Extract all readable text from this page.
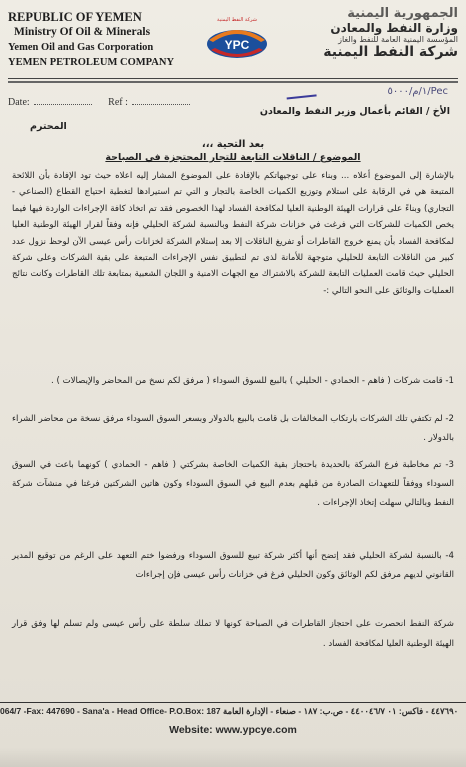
REPUBLIC OF YEMEN
Ministry Of Oil & Minerals
Yemen Oil and Gas Corporation
YEMEN PETROLEUM COMPANY
شركة النفط اليمنية
YPC
الجمهورية اليمنية
وزارة النفط والمعادن
المؤسسة اليمنية العامة للنفط والغاز
شركة النفط اليمنية
Pec/١/م/٥٠٠٠
Date:	Ref :
الأخ / القائم بأعمال وزير النفط والمعادن
المحترم
بعد التحية ،،،
الموضوع / الناقلات التابعة للتجار المحتجزة في الصباحة
بالإشارة إلى الموضوع أعلاه ... وبناء على توجيهاتكم بالإفادة على الموضوع المشار إليه اعلاه حيث تود الإفادة بأن اللائحة المتبعة هي في الرقابة على استلام وتوزيع الكميات الخاصة بالتجار و التي تم استيرادها لتغطية احتياج القطاع (الصناعي - التجاري) وبناءً على قرارات الهيئة الوطنية العليا لمكافحة الفساد لهذا الخصوص فقد تم اتخاذ كافة الإجراءات الواردة فيها فيما يخص الكميات للشركات التي فرغت في خزانات شركة النفط وبالنسبة لشركة الحليلي فإنه وفقاً لقرار الهيئة الوطنية العليا لمكافحة الفساد بأن يمنع خروج القاطرات أو تفريغ الناقلات إلا بعد إستلام الشركة لخزانات رأس عيسى الآن لوحظ نزول عدد كبير من الناقلات التابعة للحليلي متوجهة للأمانة لذى تم لتطبيق نفس الإجراءات المتبعة على بقية الشركات وعلى شركة الحليلي حيث قامت العمليات التابعة للشركة بالاشتراك مع الجهات الامنية و اللجان الشعبية بمتابعة تلك القاطرات وكانت نتائج العمليات والوثائق على النحو التالي :-
1- قامت شركات ( فاهم - الحمادي - الحليلي ) بالبيع للسوق السوداء ( مرفق لكم نسخ من المحاضر والإيصالات ) .
2- لم تكتفي تلك الشركات بارتكاب المخالفات بل قامت بالبيع بالدولار وبسعر السوق السوداء مرفق نسخة من محاضر الشراء بالدولار .
3- تم مخاطبة فرع الشركة بالحديدة باحتجاز بقية الكميات الخاصة بشركتي ( فاهم - الحمادي ) كونهما باعت في السوق السوداء ووفقاً للتعهدات الصادرة من قبلهم بعدم البيع في السوق السوداء وكون هاتين الشركتين فرغتا في منشآت شركة النفط وبالتالي سهلت إتخاذ الإجراءات .
4- بالنسبة لشركة الحليلي فقد إتضح أنها أكثر شركة تبيع للسوق السوداء ورفضوا ختم التعهد على الرغم من توقيع المدير القانوني لديهم مرفق لكم الوثائق وكون الحليلي فرغ في خزانات رأس عيسى فإن إجراءات
شركة النفط انحصرت على احتجاز القاطرات في الصباحة كونها لا تملك سلطة على رأس عيسى ولم تسلم لها وفق قرار الهيئة الوطنية العليا لمكافحة الفساد .
064/7 -Fax: 447690 - Sana'a - Head Office- P.O.Box: 187 ٤٤٧٦٩٠ - فاكس: ٠١ ٤٤٠٠٤٦/٧ - ص.ب: ١٨٧ - صنعاء - الإدارة العامة
Website: www.ypcye.com
